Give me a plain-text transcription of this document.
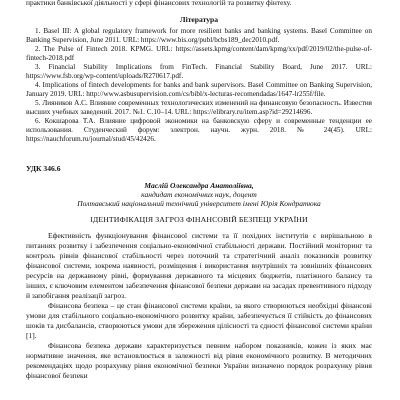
практики банківської діяльності у сфері фінансових технологій та розвитку фінтеху.

Література

1. Basel III: A global regulatory framework for more resilient banks and banking systems. Basel Committee on Banking Supervision, June 2011. URL: https://www.bis.org/publ/bcbs189_dec2010.pdf.

2. The Pulse of Fintech 2018. KPMG. URL: https://assets.kpmg/content/dam/kpmg/xx/pdf/2019/02/the-pulse-of-fintech-2018.pdf

3. Financial Stability Implications from FinTech. Financial Stability Board, June 2017. URL: https://www.fsb.org/wp-content/uploads/R270617.pdf.

4. Implications of fintech developments for banks and bank supervisors. Basel Committee on Banking Supervision, January 2019. URL: http://www.asbusupervision.com/cs/bibl/x-lecturas-recomendadas/1647-lr255f/file.

5. Лияников А.С. Влияние современных технологических изменений на финансовую безопасность. Известия высших учебных заведений. 2017. №1. С.10–14. URL: https://elibrary.ru/item.asp?id=29214696.

6. Кокшарова Т.А. Влияние цифровой экономики на банковскую сферу и современные тенденции ее использования. Студенческий форум: электрон. научн. журн. 2018. № 24(45). URL: https://nauchforum.ru/journal/stud/45/42426.

УДК 346.6

Маслій Олександра Анатоліївна,

кандидат економічних наук, доцент

Полтавський національний технічний університет імені Юрія Кондратюка

ІДЕНТИФІКАЦІЯ ЗАГРОЗ ФІНАНСОВІЙ БЕЗПЕЦІ УКРАЇНИ

Ефективність функціонування фінансової системи та її похідних інститутів є вирішальною в питаннях розвитку і забезпечення соціально-економічної стабільності держави. Постійний моніторинг та контроль рівнів фінансової стабільності через поточний та стратегічний аналіз показників розвитку фінансової системи, зокрема наявності, розміщення і використання внутрішніх та зовнішніх фінансових ресурсів на державному рівні, формування державного та місцевих бюджетів, платіжного балансу та інших, є ключовим елементом забезпечення фінансової безпеки держави на засадах превентивного підходу й запобігання реалізації загроз.

Фінансова безпека – це стан фінансової системи країни, за якого створюються необхідні фінансові умови для стабільного соціально-економічного розвитку країни, забезпечується її стійкість до фінансових шоків та дисбалансів, створюються умови для збереження цілісності та єдності фінансової системи країни [1].

Фінансова безпека держави характеризується певним набором показників, кожен із яких має нормативне значення, яке встановлюється в залежності від рівня економічного розвитку. В методичних рекомендаціях щодо розрахунку рівня економічної безпеки України визначено порядок розрахунку рівня фінансової безпеки
